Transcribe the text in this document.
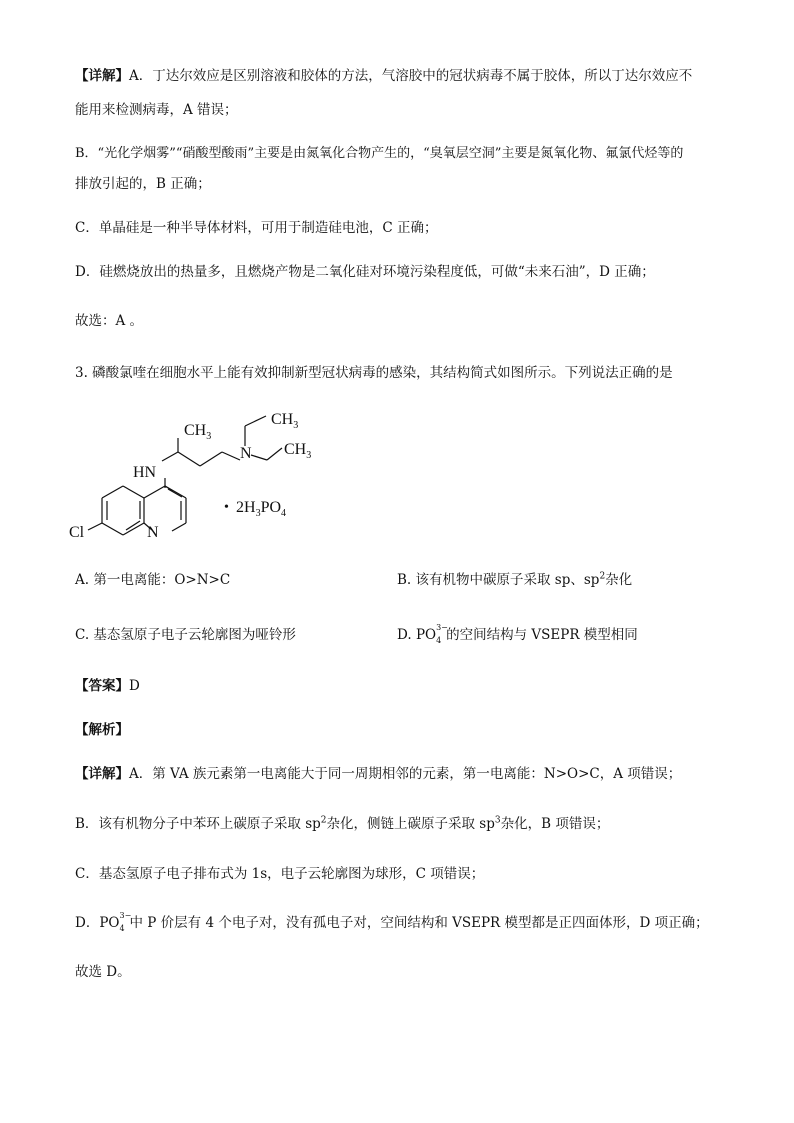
【详解】A．丁达尔效应是区别溶液和胶体的方法，气溶胶中的冠状病毒不属于胶体，所以丁达尔效应不
能用来检测病毒，A 错误；
B．“光化学烟雾”“硝酸型酸雨”主要是由氮氧化合物产生的，“臭氧层空洞”主要是氮氧化物、氟氯代烃等的
排放引起的，B 正确；
C．单晶硅是一种半导体材料，可用于制造硅电池，C 正确；
D．硅燃烧放出的热量多，且燃烧产物是二氧化硅对环境污染程度低，可做“未来石油”，D 正确；
故选：A 。
3. 磷酸氯喹在细胞水平上能有效抑制新型冠状病毒的感染，其结构简式如图所示。下列说法正确的是
$CH_3$
$CH_3$
$CH_3$
N
HN
N
Cl
• $2H_3PO_4$
A. 第一电离能：O>N>C	B. 该有机物中碳原子采取 sp、$sp^2$杂化
C. 基态氢原子电子云轮廓图为哑铃形	D. PO 3−
4 的空间结构与 VSEPR 模型相同
【答案】D
【解析】
【详解】A．第 VA 族元素第一电离能大于同一周期相邻的元素，第一电离能：N>O>C，A 项错误；
B．该有机物分子中苯环上碳原子采取 $sp^2$杂化，侧链上碳原子采取 $sp^3$杂化，B 项错误；
C．基态氢原子电子排布式为 1s，电子云轮廓图为球形，C 项错误；
D．PO 3−
4 中 P 价层有 4 个电子对，没有孤电子对，空间结构和 VSEPR 模型都是正四面体形，D 项正确；
故选 D。
